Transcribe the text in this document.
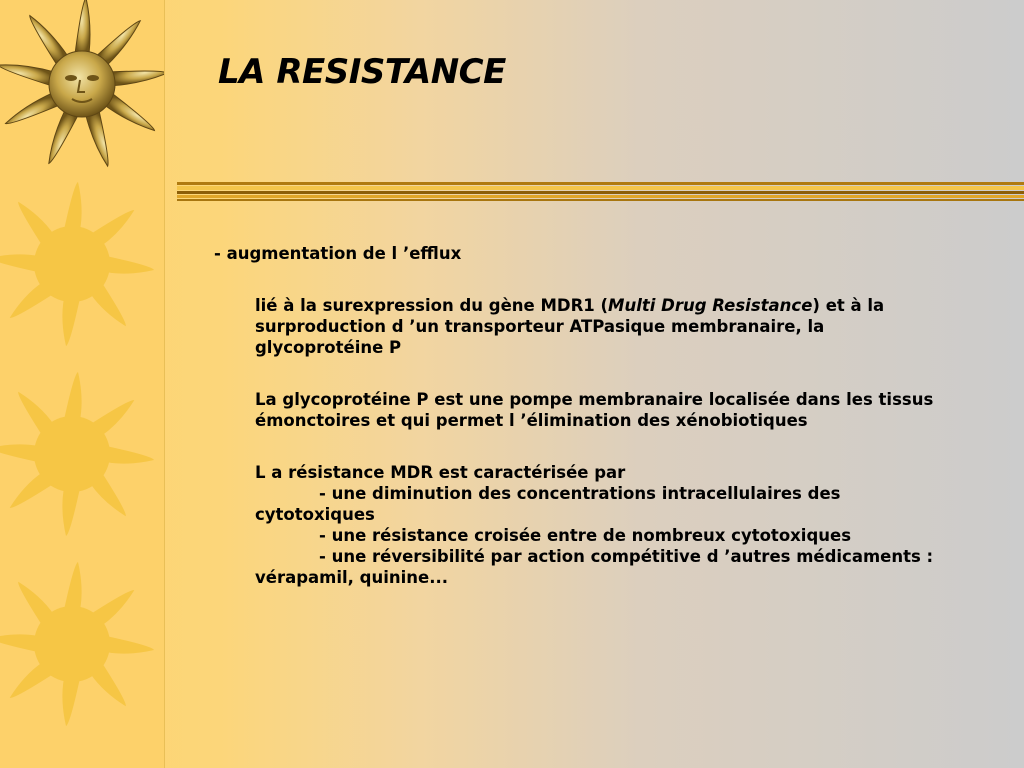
LA RESISTANCE

- augmentation de l ’efflux

lié à la surexpression du gène MDR1 (Multi Drug Resistance) et à la surproduction d ’un transporteur ATPasique membranaire, la glycoprotéine P

La glycoprotéine P est une pompe membranaire localisée dans les tissus émonctoires et qui permet l ’élimination des xénobiotiques

L a résistance MDR est caractérisée par
- une diminution des concentrations intracellulaires des cytotoxiques
- une résistance croisée entre de nombreux cytotoxiques
- une réversibilité par action compétitive d ’autres médicaments : vérapamil, quinine...
